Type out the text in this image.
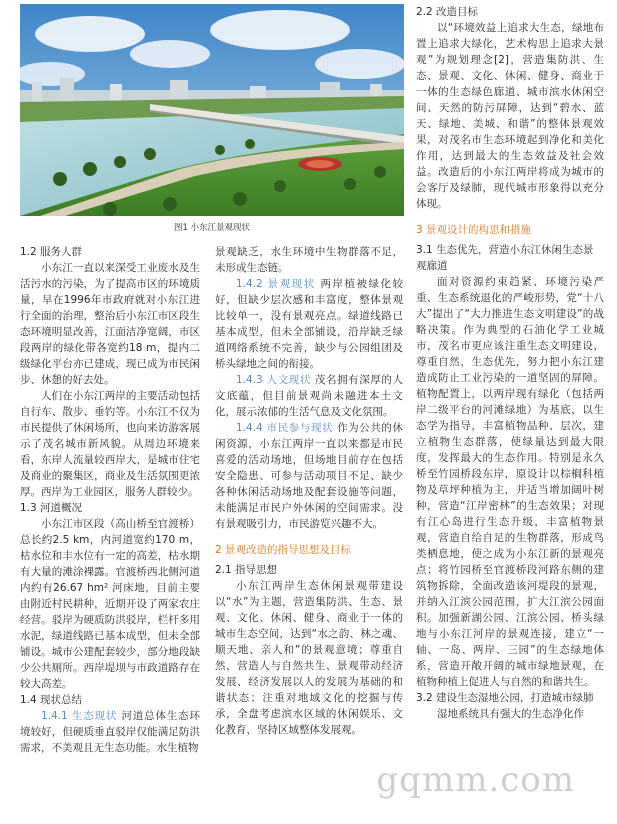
图1 小东江景观现状
1.2 服务人群

小东江一直以来深受工业废水及生活污水的污染，为了提高市区的环境质量，早在1996年市政府就对小东江进行全面的治理，整治后小东江市区段生态环境明显改善，江面洁净宽阔，市区段两岸的绿化带各宽约18 m，提内二级绿化平台亦已建成，现已成为市民闲步、休憩的好去处。

人们在小东江两岸的主要活动包括自行车、散步、垂钓等。小东江不仅为市民提供了休闲场所，也向来访游客展示了茂名城市新风貌。从周边环境来看，东岸人流量较西岸大，是城市住宅及商业的聚集区，商业及生活氛围更浓厚。西岸为工业园区，服务人群较少。

1.3 河道概况

小东江市区段（高山桥至官渡桥）总长约2.5 km，内河道宽约170 m，枯水位和丰水位有一定的高差，枯水期有大量的滩涂裸露。官渡桥西北侧河道内约有26.67 hm² 河床地，目前主要由附近村民耕种，近期开设了两家农庄经营。驳岸为硬质防洪驳岸，栏杆多用水泥，绿道线路已基本成型，但未全部铺设。城市公建配套较少，部分地段缺少公共厕所。西岸堤坝与市政道路存在较大高差。

1.4 现状总结

1.4.1 生态现状 河道总体生态环境较好，但硬质垂直驳岸仅能满足防洪需求，不美观且无生态功能。水生植物

景观缺乏，水生环境中生物群落不足，未形成生态链。

1.4.2 景观现状 两岸植被绿化较好，但缺少层次感和丰富度，整体景观比较单一，没有景观亮点。绿道线路已基本成型，但未全部铺设，沿岸缺乏绿道网络系统不完善，缺少与公园组团及桥头绿地之间的衔接。

1.4.3 人文现状 茂名拥有深厚的人文底蕴，但目前景观尚未融进本土文化，展示浓郁的生活气息及文化氛围。

1.4.4 市民参与现状 作为公共的休闲资源，小东江两岸一直以来都是市民喜爱的活动场地，但场地目前存在包括安全隐患、可参与活动项目不足、缺少各种休闲活动场地及配套设施等问题，未能满足市民户外休闲的空间需求。没有景观吸引力，市民游览兴趣不大。

2 景观改造的指导思想及目标
2.1 指导思想

小东江两岸生态休闲景观带建设以“水”为主题，营造集防洪、生态、景观、文化、休闲、健身、商业于一体的城市生态空间，达到“水之韵、林之魂、顺天地、亲人和”的景观意境；尊重自然，营造人与自然共生、景观带动经济发展、经济发展以人的发展为基础的和谐状态；注重对地域文化的挖掘与传承，全盘考虑滨水区域的休闲娱乐、文化教育，坚持区域整体发展观。

2.2 改造目标

以“环境效益上追求大生态，绿地布置上追求大绿化，艺术构思上追求大景观”为规划理念[2]，营造集防洪、生态、景观、文化、休闲、健身、商业于一体的生态绿色廊道、城市滨水休闲空间、天然的防污屏障，达到“碧水、蓝天、绿地、美城、和谐”的整体景观效果，对茂名市生态环境起到净化和美化作用，达到最大的生态效益及社会效益。改造后的小东江两岸将成为城市的会客厅及绿肺，现代城市形象得以充分体现。

3 景观设计的构思和措施
3.1 生态优先，营造小东江休闲生态景观廊道

面对资源约束趋紧、环境污染严重、生态系统退化的严峻形势，党“十八大”提出了“大力推进生态文明建设”的战略决策。作为典型的石油化学工业城市，茂名市更应该注重生态文明建设，尊重自然，生态优先，努力把小东江建造成防止工业污染的一道坚固的屏障。植物配置上，以两岸现有绿化（包括两岸二级平台的河滩绿地）为基底，以生态学为指导，丰富植物品种、层次，建立植物生态群落，使绿量达到最大限度，发挥最大的生态作用。特别是永久桥至竹园桥段东岸，原设计以棕榈科植物及草坪种植为主，并适当增加阔叶树种，营造“江岸密林”的生态效果；对现有江心岛进行生态升级，丰富植物景观，营造自给自足的生物群落，形成鸟类栖息地，使之成为小东江新的景观亮点；将竹园桥至官渡桥段河路东侧的建筑物拆除，全面改造该河堤段的景观，并纳入江滨公园范围，扩大江滨公园面积。加强新湖公园、江滨公园、桥头绿地与小东江河岸的景观连接，建立“一轴、一岛、两岸、三园”的生态绿地体系，营造开敞开阔的城市绿地景观，在植物种植上促进人与自然的和谐共生。

3.2 建设生态湿地公园，打造城市绿肺

湿地系统具有强大的生态净化作

gqmm.com
